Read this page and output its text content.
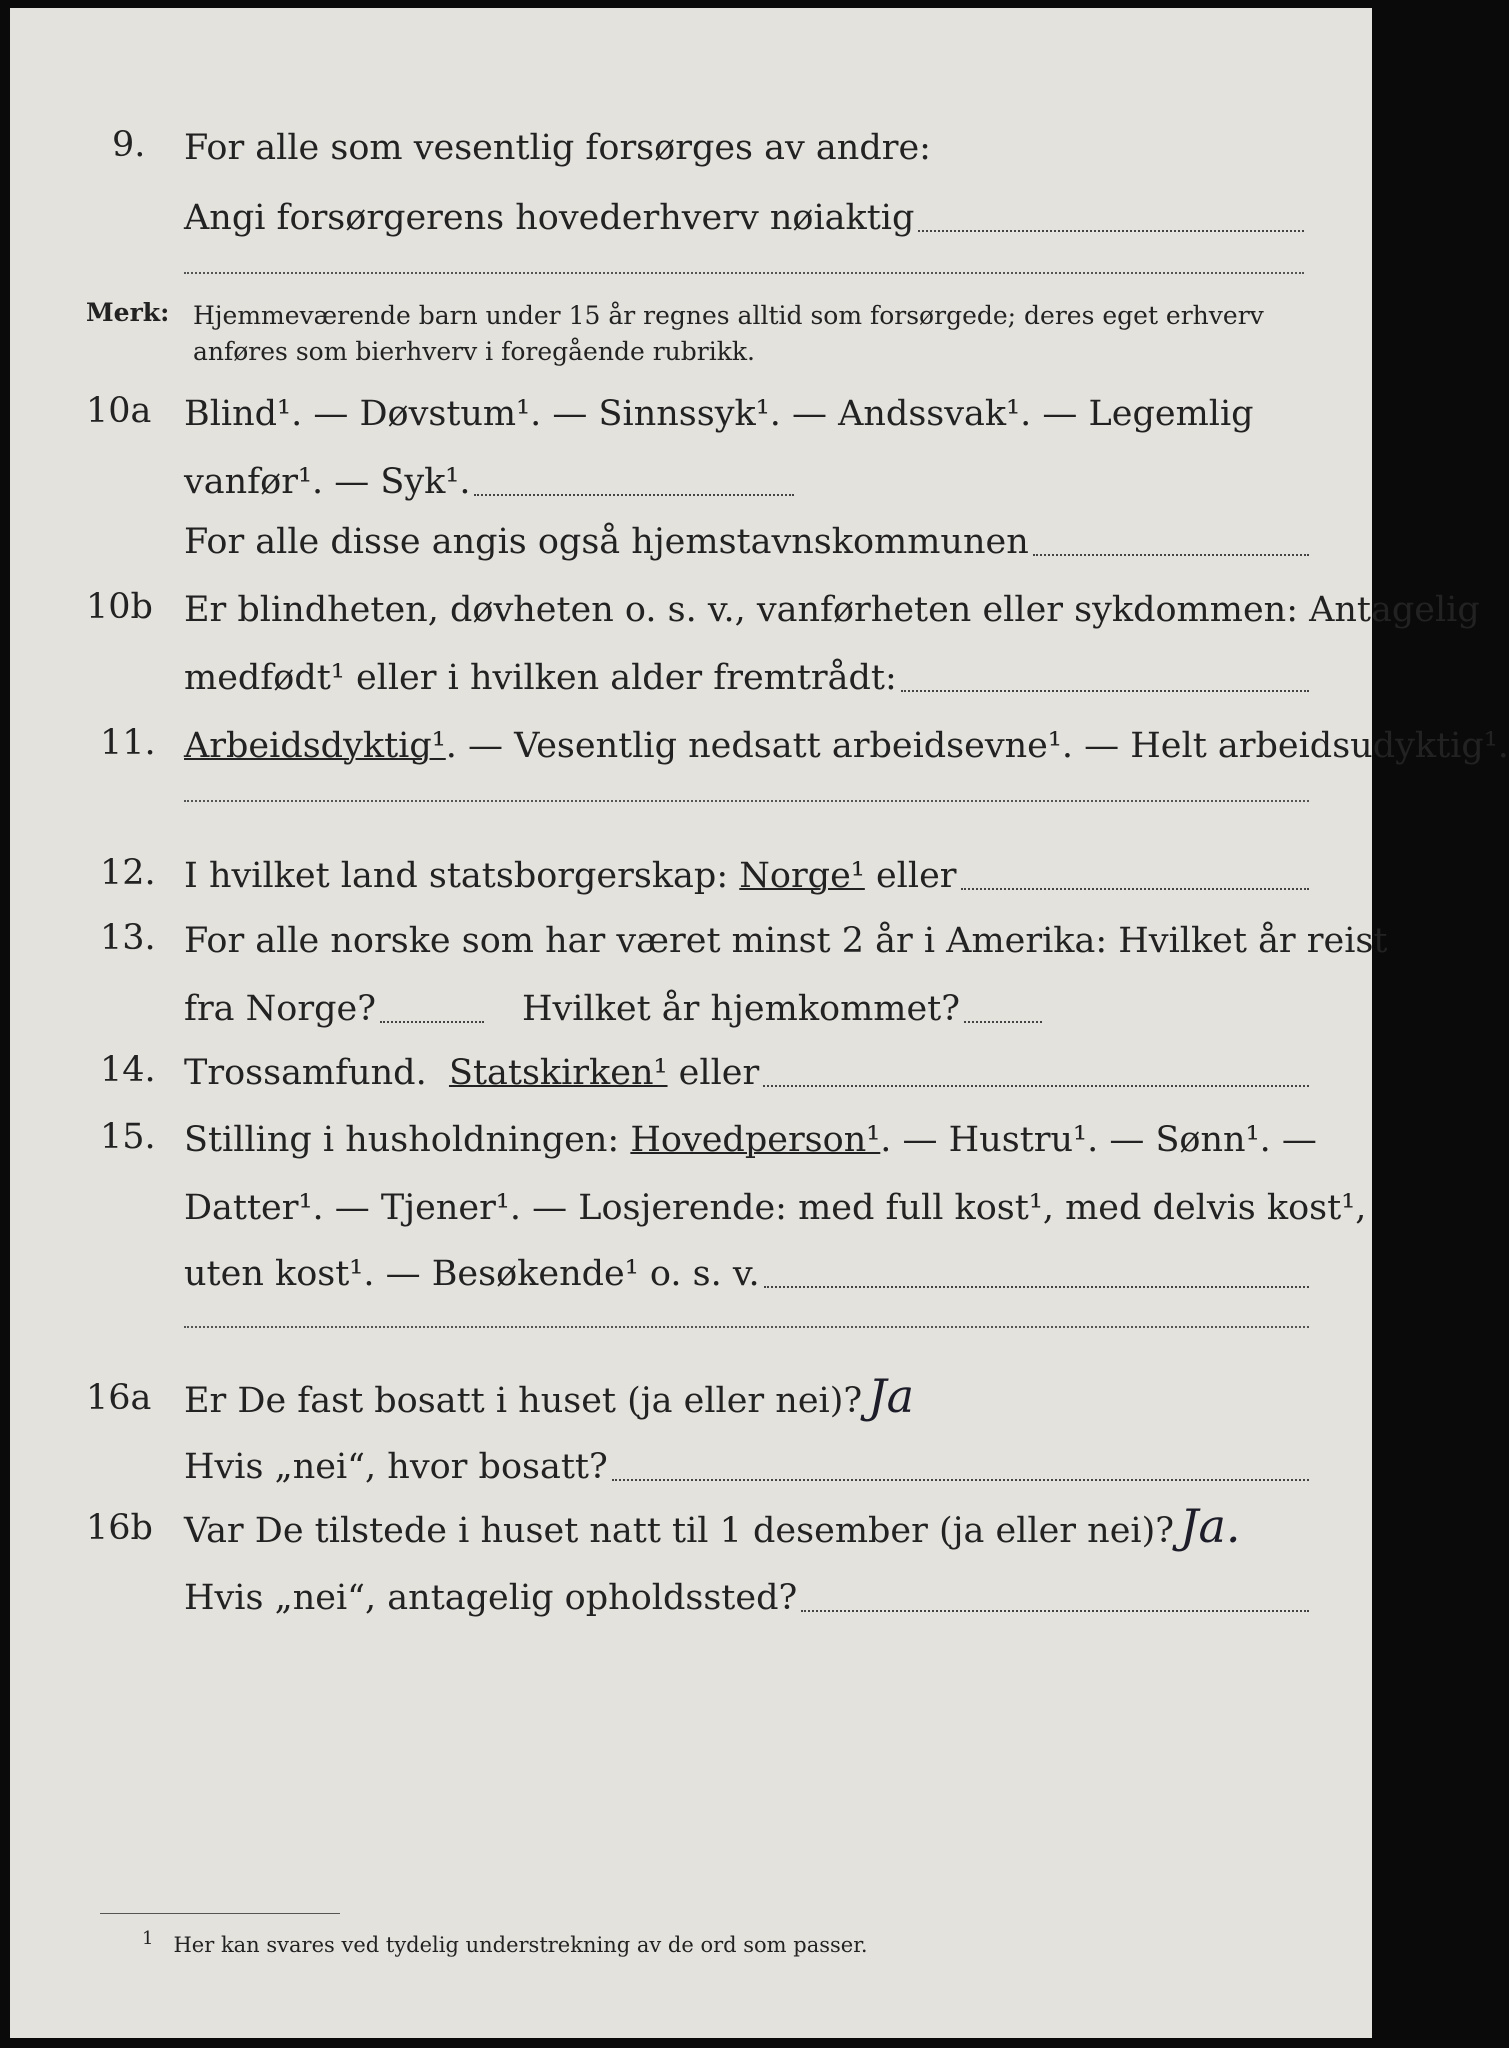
9.	For alle som vesentlig forsørges av andre:
Angi forsørgerens hovederhverv nøiaktig
Merk: Hjemmeværende barn under 15 år regnes alltid som forsørgede; deres eget erhverv
anføres som bierhverv i foregående rubrikk.
10a Blind¹. — Døvstum¹. — Sinnssyk¹. — Andssvak¹. — Legemlig
vanfør¹. — Syk¹.
For alle disse angis også hjemstavnskommunen
10b Er blindheten, døvheten o. s. v., vanførheten eller sykdommen: Antagelig
medfødt¹ eller i hvilken alder fremtrådt:
11. Arbeidsdyktig¹ . — Vesentlig nedsatt arbeidsevne¹. — Helt arbeidsudyktig¹.
12. I hvilket land statsborgerskap:
Norge¹
eller
13. For alle norske som har været minst 2 år i Amerika: Hvilket år reist
fra Norge?	Hvilket år hjemkommet?
14. Trossamfund.
Statskirken¹
eller
15. Stilling i husholdningen:
Hovedperson¹ . — Hustru¹. — Sønn¹. —
Datter¹. — Tjener¹. — Losjerende: med full kost¹, med delvis kost¹,
uten kost¹. — Besøkende¹ o. s. v.
16a Er De fast bosatt i huset (ja eller nei)? Ja
Hvis „nei“, hvor bosatt?
16b Var De tilstede i huset natt til 1 desember (ja eller nei)? Ja.
Hvis „nei“, antagelig opholdssted?
1 Her kan svares ved tydelig understrekning av de ord som passer.
